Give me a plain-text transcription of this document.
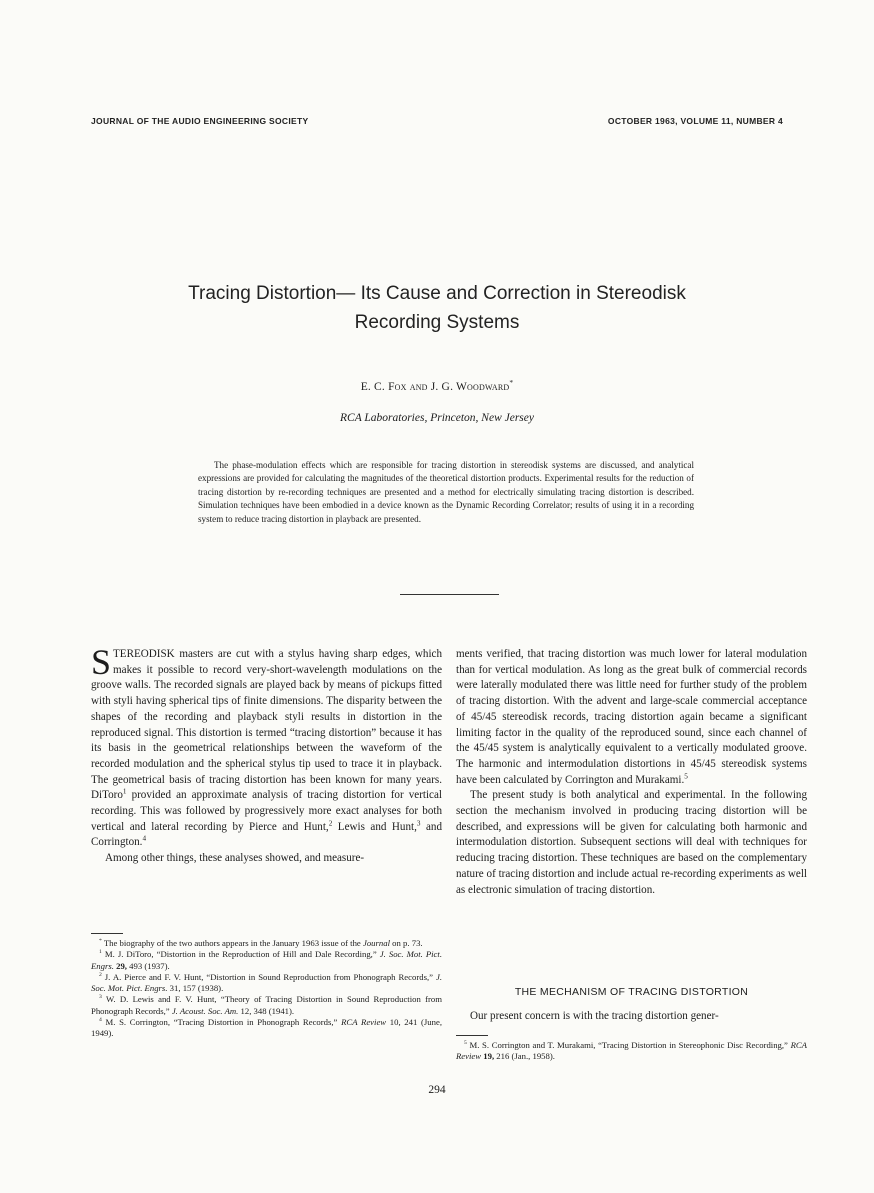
JOURNAL OF THE AUDIO ENGINEERING SOCIETY	OCTOBER 1963, VOLUME 11, NUMBER 4
Tracing Distortion— Its Cause and Correction in Stereodisk
Recording Systems
E. C. Fox and J. G. Woodward*
RCA Laboratories, Princeton, New Jersey

The phase-modulation effects which are responsible for tracing distortion in stereodisk systems are discussed, and analytical expressions are provided for calculating the magnitudes of the theoretical distortion products. Experimental results for the reduction of tracing distortion by re-recording techniques are presented and a method for electrically simulating tracing distortion is described. Simulation techniques have been embodied in a device known as the Dynamic Recording Correlator; results of using it in a recording system to reduce tracing distortion in playback are presented.

STEREODISK masters are cut with a stylus having sharp edges, which makes it possible to record very-short-wavelength modulations on the groove walls. The recorded signals are played back by means of pickups fitted with styli having spherical tips of finite dimensions. The disparity between the shapes of the recording and playback styli results in distortion in the reproduced signal. This distortion is termed “tracing distortion” because it has its basis in the geometrical relationships between the waveform of the recorded modulation and the spherical stylus tip used to trace it in playback. The geometrical basis of tracing distortion has been known for many years. DiToro$^1$ provided an approximate analysis of tracing distortion for vertical recording. This was followed by progressively more exact analyses for both vertical and lateral recording by Pierce and Hunt,$^2$ Lewis and Hunt,$^3$ and Corrington.$^4$

Among other things, these analyses showed, and measure-

ments verified, that tracing distortion was much lower for lateral modulation than for vertical modulation. As long as the great bulk of commercial records were laterally modulated there was little need for further study of the problem of tracing distortion. With the advent and large-scale commercial acceptance of 45/45 stereodisk records, tracing distortion again became a significant limiting factor in the quality of the reproduced sound, since each channel of the 45/45 system is analytically equivalent to a vertically modulated groove. The harmonic and intermodulation distortions in 45/45 stereodisk systems have been calculated by Corrington and Murakami.$^5$

The present study is both analytical and experimental. In the following section the mechanism involved in producing tracing distortion will be described, and expressions will be given for calculating both harmonic and intermodulation distortion. Subsequent sections will deal with techniques for reducing tracing distortion. These techniques are based on the complementary nature of tracing distortion and include actual re-recording experiments as well as electronic simulation of tracing distortion.

THE MECHANISM OF TRACING DISTORTION

Our present concern is with the tracing distortion gener-

* The biography of the two authors appears in the January 1963 issue of the Journal on p. 73.

$^1$ M. J. DiToro, “Distortion in the Reproduction of Hill and Dale Recording,” J. Soc. Mot. Pict. Engrs. 29, 493 (1937).

$^2$ J. A. Pierce and F. V. Hunt, “Distortion in Sound Reproduction from Phonograph Records,” J. Soc. Mot. Pict. Engrs. 31, 157 (1938).

$^3$ W. D. Lewis and F. V. Hunt, “Theory of Tracing Distortion in Sound Reproduction from Phonograph Records,” J. Acoust. Soc. Am. 12, 348 (1941).

$^4$ M. S. Corrington, “Tracing Distortion in Phonograph Records,” RCA Review 10, 241 (June, 1949).

$^5$ M. S. Corrington and T. Murakami, “Tracing Distortion in Stereophonic Disc Recording,” RCA Review 19, 216 (Jan., 1958).

294
